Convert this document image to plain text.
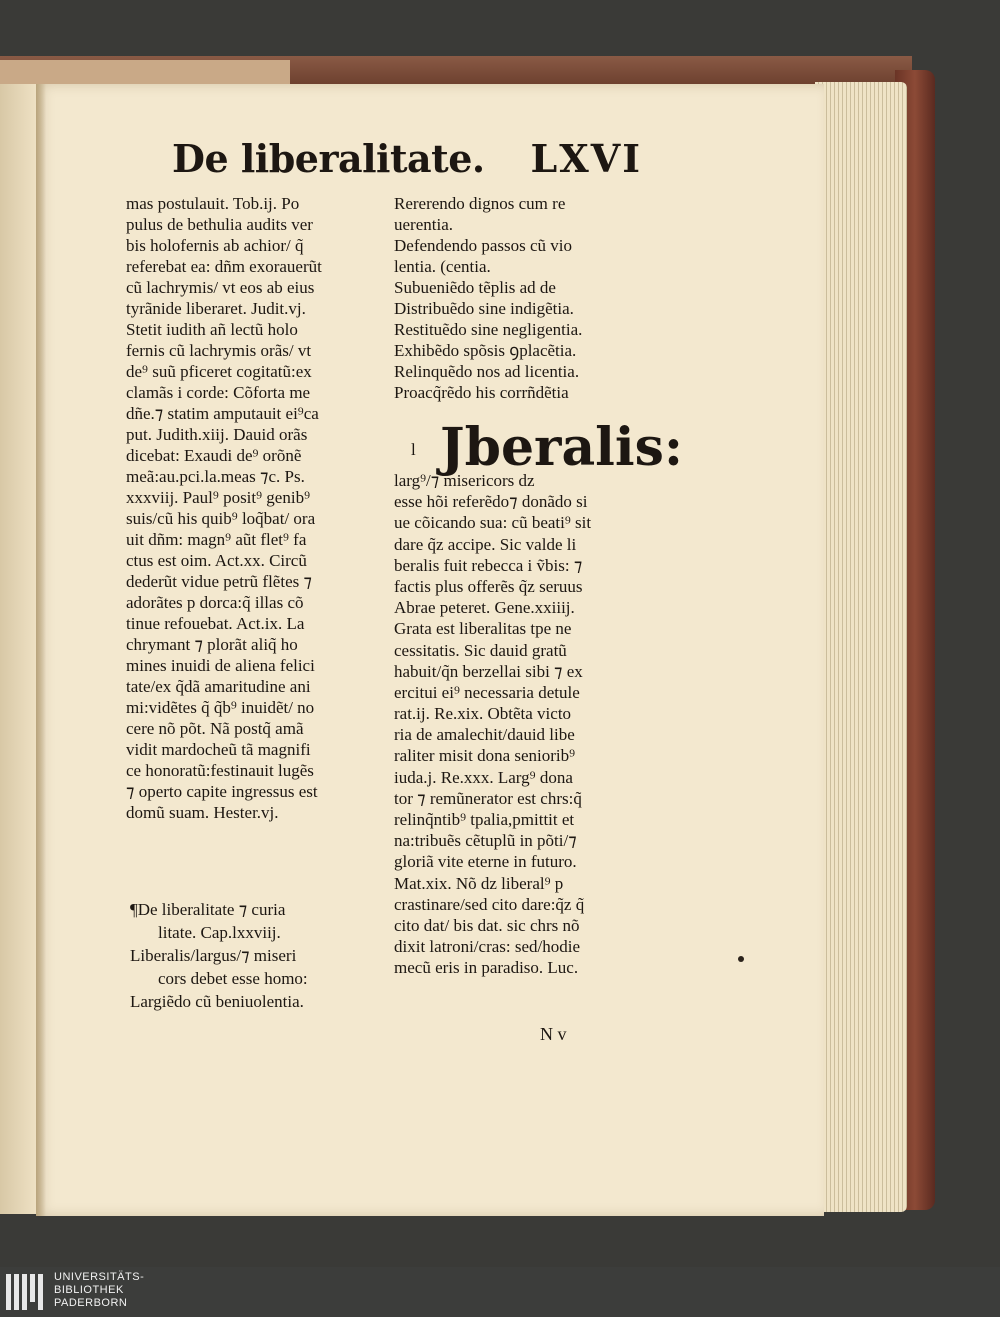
De liberalitate. LXVI
mas postulauit. Tob.ij. Po
pulus de bethulia audits ver
bis holofernis ab achior/ q̃
referebat ea: dñm exorauerũt
cũ lachrymis/ vt eos ab eius
tyrãnide liberaret. Judit.vj.
Stetit iudith añ lectũ holo
fernis cũ lachrymis orãs/ vt
de⁹ suũ pficeret cogitatũ:ex
clamãs i corde: Cõforta me
dñe.⁊ statim amputauit ei⁹ca
put. Judith.xiij. Dauid orãs
dicebat: Exaudi de⁹ orõnẽ
meã:au.pci.la.meas ⁊c. Ps.
xxxviij. Paul⁹ posit⁹ genib⁹
suis/cũ his quib⁹ loq̃bat/ ora
uit dñm: magn⁹ aũt flet⁹ fa
ctus est oim. Act.xx. Circũ
dederũt vidue petrũ flẽtes ⁊
adorãtes p dorca:q̃ illas cõ
tinue refouebat. Act.ix. La
chrymant ⁊ plorãt aliq̃ ho
mines inuidi de aliena felici
tate/ex q̃dã amaritudine ani
mi:vidẽtes q̃ q̃b⁹ inuidẽt/ no
cere nõ põt. Nã postq̃ amã
vidit mardocheũ tã magnifi
ce honoratũ:festinauit lugẽs
⁊ operto capite ingressus est
domũ suam. Hester.vj.
¶De liberalitate ⁊ curia
litate. Cap.lxxviij.
Liberalis/largus/⁊ miseri
cors debet esse homo:
Largiẽdo cũ beniuolentia.
Rererendo dignos cum re
uerentia.
Defendendo passos cũ vio
lentia. (centia.
Subueniẽdo tẽplis ad de
Distribuẽdo sine indigẽtia.
Restituẽdo sine negligentia.
Exhibẽdo spõsis ꝯplacẽtia.
Relinquẽdo nos ad licentia.
Proacq̃rẽdo his corrñdẽtia
l Jberalis:
larg⁹/⁊ misericors dz
esse hõi referẽdo⁊ donãdo si
ue cõicando sua: cũ beati⁹ sit
dare q̃z accipe. Sic valde li
beralis fuit rebecca i ṽbis: ⁊
factis plus offerẽs q̃z seruus
Abrae peteret. Gene.xxiiij.
Grata est liberalitas tpe ne
cessitatis. Sic dauid gratũ
habuit/q̃n berzellai sibi ⁊ ex
ercitui ei⁹ necessaria detule
rat.ij. Re.xix. Obtẽta victo
ria de amalechit/dauid libe
raliter misit dona seniorib⁹
iuda.j. Re.xxx. Larg⁹ dona
tor ⁊ remũnerator est chrs:q̃
relinq̃ntib⁹ tpalia,pmittit et
na:tribuẽs cẽtuplũ in põti/⁊
gloriã vite eterne in futuro.
Mat.xix. Nõ dz liberal⁹ p
crastinare/sed cito dare:q̃z q̃
cito dat/ bis dat. sic chrs nõ
dixit latroni/cras: sed/hodie
mecũ eris in paradiso. Luc.
N v
UNIVERSITÄTS-
BIBLIOTHEK
PADERBORN
